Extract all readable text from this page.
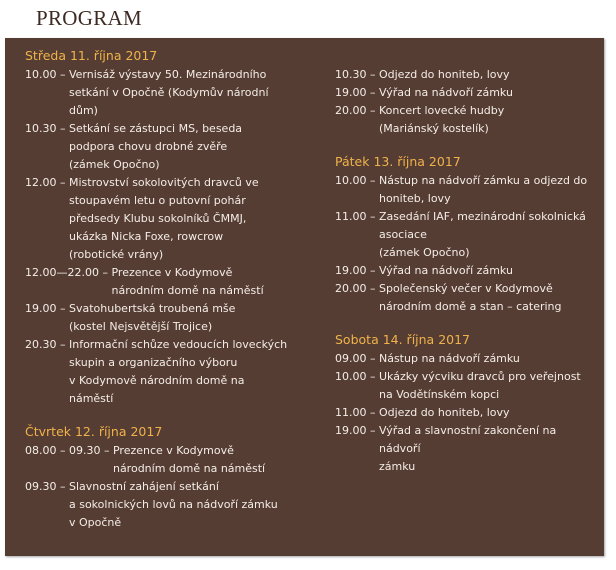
PROGRAM
Středa 11. října 2017
10.00 – Vernisáž výstavy 50. Mezinárodního
setkání v Opočně (Kodymův národní
dům)
10.30 – Setkání se zástupci MS, beseda
podpora chovu drobné zvěře
(zámek Opočno)
12.00 – Mistrovství sokolovitých dravců ve
stoupavém letu o putovní pohár
předsedy Klubu sokolníků ČMMJ,
ukázka Nicka Foxe, rowcrow
(robotické vrány)
12.00—22.00 – Prezence v Kodymově
národním domě na náměstí
19.00 – Svatohubertská troubená mše
(kostel Nejsvětější Trojice)
20.30 – Informační schůze vedoucích loveckých
skupin a organizačního výboru
v Kodymově národním domě na
náměstí
Čtvrtek 12. října 2017
08.00 – 09.30 – Prezence v Kodymově
národním domě na náměstí
09.30 – Slavnostní zahájení setkání
a sokolnických lovů na nádvoří zámku
v Opočně
10.30 – Odjezd do honiteb, lovy
19.00 – Výřad na nádvoří zámku
20.00 – Koncert lovecké hudby
(Mariánský kostelík)
Pátek 13. října 2017
10.00 – Nástup na nádvoří zámku a odjezd do
honiteb, lovy
11.00 – Zasedání IAF, mezinárodní sokolnická
asociace
(zámek Opočno)
19.00 – Výřad na nádvoří zámku
20.00 – Společenský večer v Kodymově
národním domě a stan – catering
Sobota 14. října 2017
09.00 – Nástup na nádvoří zámku
10.00 – Ukázky výcviku dravců pro veřejnost
na Vodětínském kopci
11.00 – Odjezd do honiteb, lovy
19.00 – Výřad a slavnostní zakončení na nádvoří
zámku
